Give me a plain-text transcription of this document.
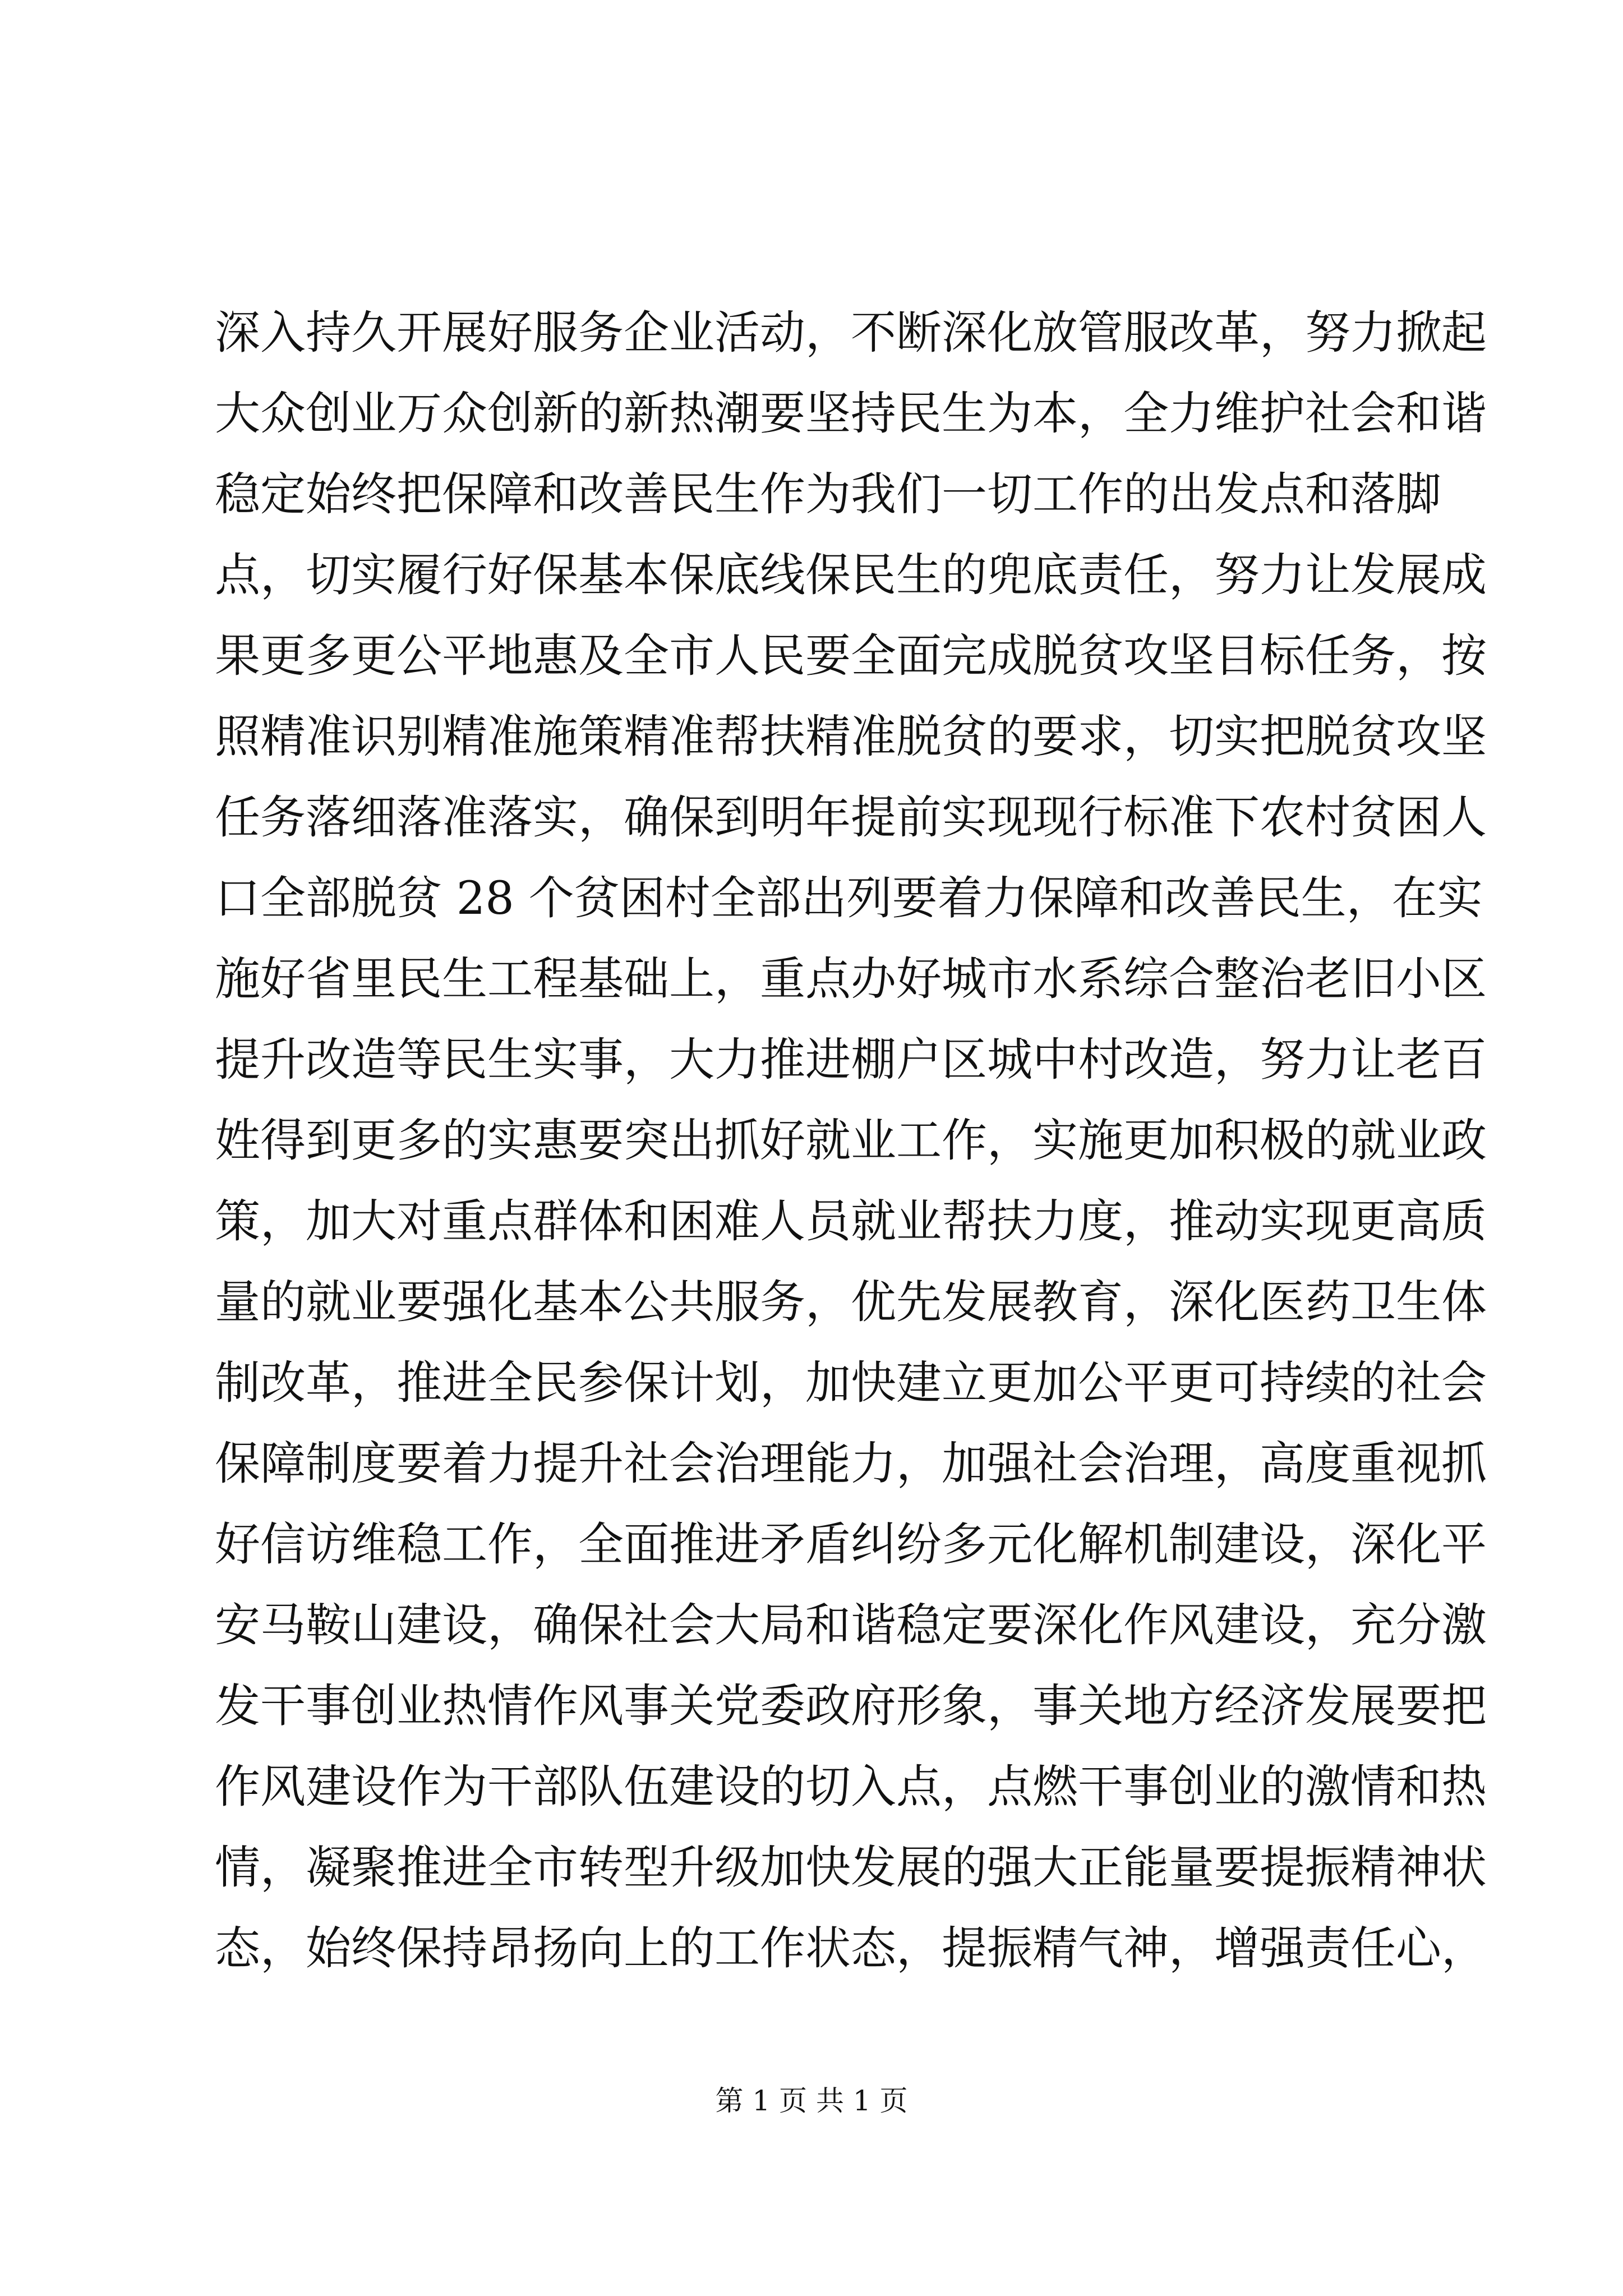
深入持久开展好服务企业活动，不断深化放管服改革，努力掀起
大众创业万众创新的新热潮要坚持民生为本，全力维护社会和谐
稳定始终把保障和改善民生作为我们一切工作的出发点和落脚
点，切实履行好保基本保底线保民生的兜底责任，努力让发展成
果更多更公平地惠及全市人民要全面完成脱贫攻坚目标任务，按
照精准识别精准施策精准帮扶精准脱贫的要求，切实把脱贫攻坚
任务落细落准落实，确保到明年提前实现现行标准下农村贫困人
口全部脱贫 28 个贫困村全部出列要着力保障和改善民生，在实
施好省里民生工程基础上，重点办好城市水系综合整治老旧小区
提升改造等民生实事，大力推进棚户区城中村改造，努力让老百
姓得到更多的实惠要突出抓好就业工作，实施更加积极的就业政
策，加大对重点群体和困难人员就业帮扶力度，推动实现更高质
量的就业要强化基本公共服务，优先发展教育，深化医药卫生体
制改革，推进全民参保计划，加快建立更加公平更可持续的社会
保障制度要着力提升社会治理能力，加强社会治理，高度重视抓
好信访维稳工作，全面推进矛盾纠纷多元化解机制建设，深化平
安马鞍山建设，确保社会大局和谐稳定要深化作风建设，充分激
发干事创业热情作风事关党委政府形象，事关地方经济发展要把
作风建设作为干部队伍建设的切入点，点燃干事创业的激情和热
情，凝聚推进全市转型升级加快发展的强大正能量要提振精神状
态，始终保持昂扬向上的工作状态，提振精气神，增强责任心，
第 1 页 共 1 页
